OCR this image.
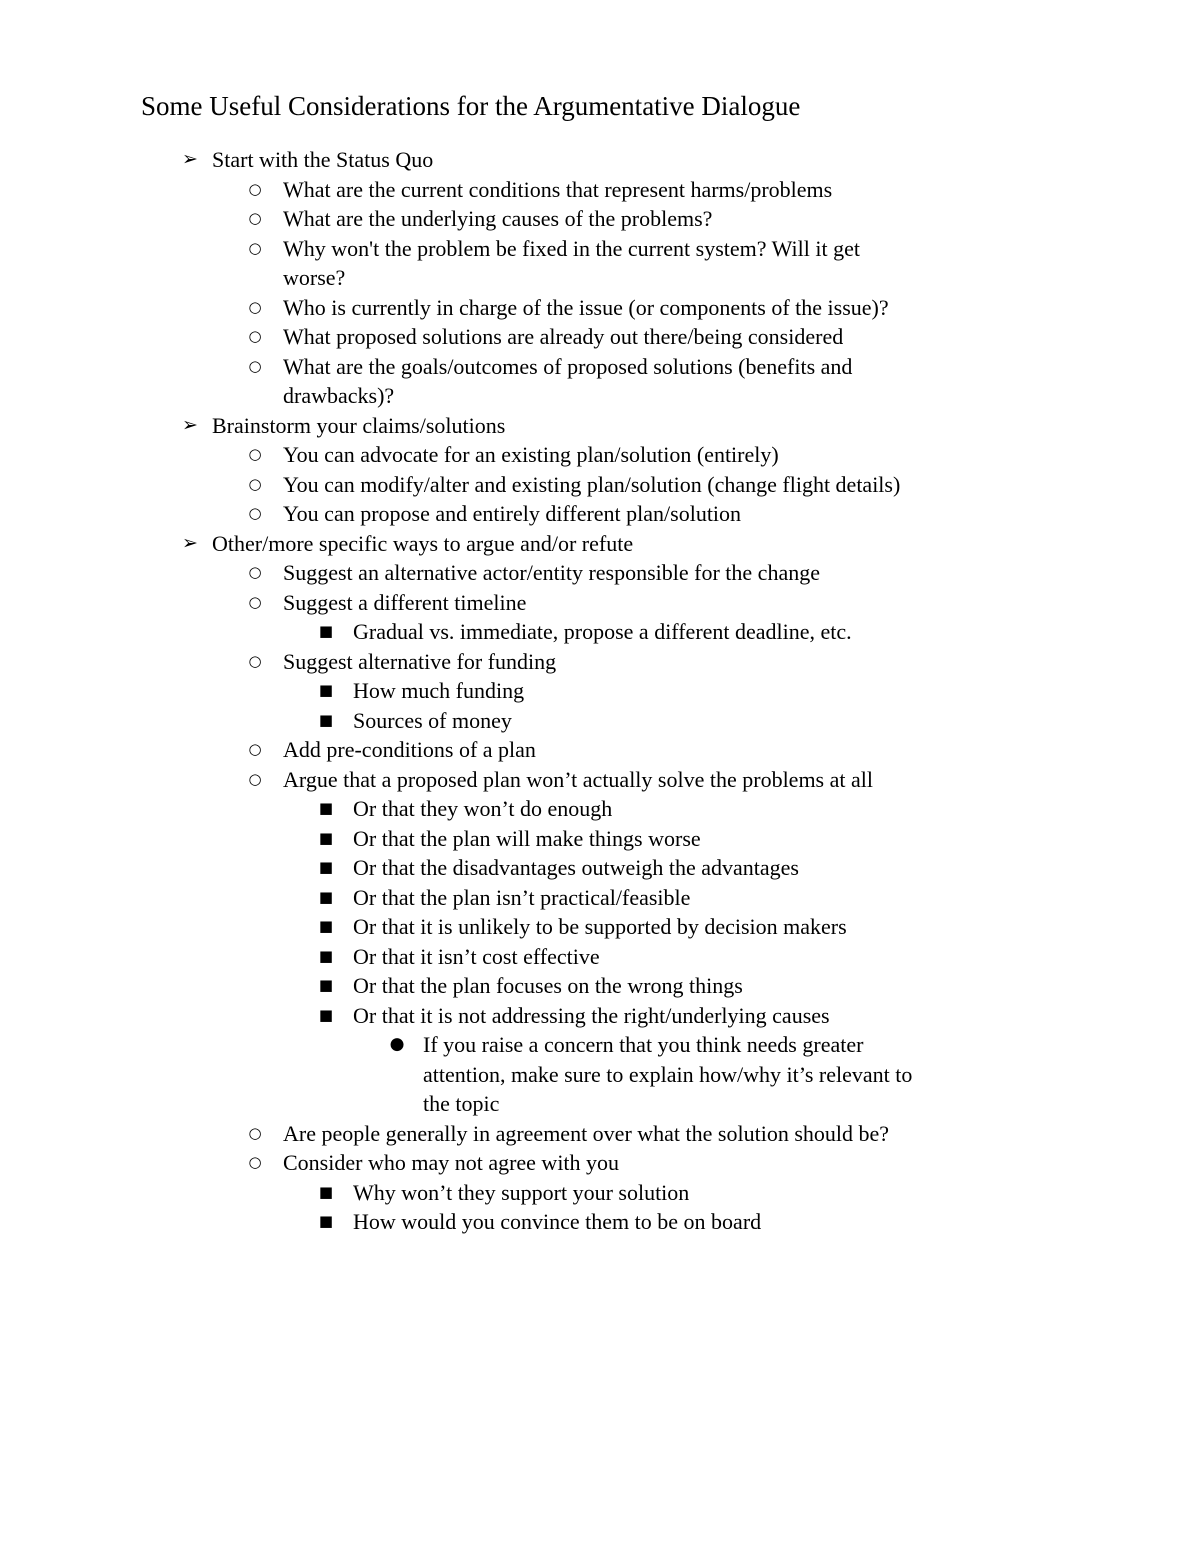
Some Useful Considerations for the Argumentative Dialogue
➢ Start with the Status Quo
○ What are the current conditions that represent harms/problems
○ What are the underlying causes of the problems?
○ Why won't the problem be fixed in the current system? Will it get
worse?
○ Who is currently in charge of the issue (or components of the issue)?
○ What proposed solutions are already out there/being considered
○ What are the goals/outcomes of proposed solutions (benefits and
drawbacks)?
➢ Brainstorm your claims/solutions
○ You can advocate for an existing plan/solution (entirely)
○ You can modify/alter and existing plan/solution (change flight details)
○ You can propose and entirely different plan/solution
➢ Other/more specific ways to argue and/or refute
○ Suggest an alternative actor/entity responsible for the change
○ Suggest a different timeline
■ Gradual vs. immediate, propose a different deadline, etc.
○ Suggest alternative for funding
■ How much funding
■ Sources of money
○ Add pre-conditions of a plan
○ Argue that a proposed plan won’t actually solve the problems at all
■ Or that they won’t do enough
■ Or that the plan will make things worse
■ Or that the disadvantages outweigh the advantages
■ Or that the plan isn’t practical/feasible
■ Or that it is unlikely to be supported by decision makers
■ Or that it isn’t cost effective
■ Or that the plan focuses on the wrong things
■ Or that it is not addressing the right/underlying causes
● If you raise a concern that you think needs greater
attention, make sure to explain how/why it’s relevant to
the topic
○ Are people generally in agreement over what the solution should be?
○ Consider who may not agree with you
■ Why won’t they support your solution
■ How would you convince them to be on board
